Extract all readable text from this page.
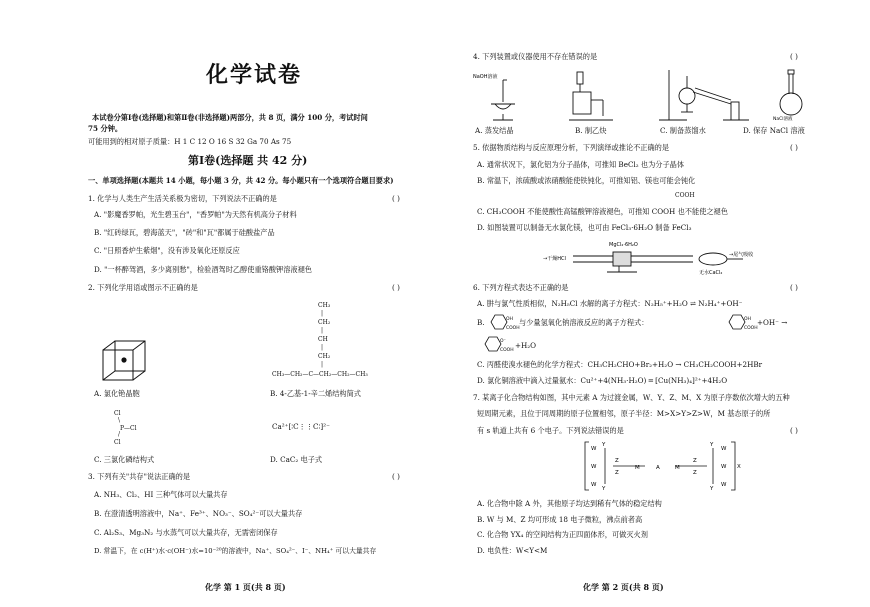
化学试卷
本试卷分第Ⅰ卷(选择题)和第Ⅱ卷(非选择题)两部分，共 8 页，满分 100 分，考试时间
75 分钟。
可能用到的相对原子质量：H 1 C 12 O 16 S 32 Ga 70 As 75
第Ⅰ卷(选择题 共 42 分)
一、单项选择题(本题共 14 小题，每小题 3 分，共 42 分。每小题只有一个选项符合题目要求)
1. 化学与人类生产生活关系极为密切，下列说法不正确的是	( )
A. "影魔香罗帕，光生碧玉台"，"香罗帕"为天然有机高分子材料
B. "红砖绿瓦，碧海蓝天"，"砖"和"瓦"都属于硅酸盐产品
C. "日照香炉生紫烟"，没有涉及氧化还原反应
D. "一杯醉驾酒，多少离别愁"，检验酒驾时乙醇使重铬酸钾溶液褪色
2. 下列化学用语或图示不正确的是	( )
CH₃
|
CH₂
|
CH
|
CH₂
|
CH₃—CH₂—C—CH₂—CH₂—CH₃
A. 氯化铯晶胞	B. 4-乙基-1-辛二烯结构简式
Cl
\
P—Cl
/
Cl
Ca²⁺[∶C⋮⋮C∶]²⁻
C. 三氯化磷结构式	D. CaC₂ 电子式
3. 下列有关"共存"说法正确的是	( )
A. NH₃、Cl₂、HI 三种气体可以大量共存
B. 在澄清透明溶液中，Na⁺、Fe³⁺、NO₃⁻、SO₄²⁻可以大量共存
C. Al₂S₃、Mg₃N₂ 与水蒸气可以大量共存，无需密闭保存
D. 常温下，在 c(H⁺)水·c(OH⁻)水=10⁻²⁰的溶液中，Na⁺、SO₄²⁻、I⁻、NH₄⁺ 可以大量共存
化学 第 1 页(共 8 页)
4. 下列装置或仪器使用不存在错误的是	( )
NaOH溶液
NaCl溶液
A. 蒸发结晶	B. 制乙炔	C. 制备蒸馏水	D. 保存 NaCl 溶液
5. 依据物质结构与反应原理分析，下列演绎或推论不正确的是	( )
A. 通常状况下，氯化铝为分子晶体，可推知 BeCl₂ 也为分子晶体
B. 常温下，浓硫酸或浓硝酸能使铁钝化，可推知铝、镁也可能会钝化
COOH
C. CH₃COOH 不能使酸性高锰酸钾溶液褪色，可推知 COOH 也不能使之褪色
D. 如图装置可以制备无水氯化镁，也可由 FeCl₃·6H₂O 制备 FeCl₃
MgCl₂·6H₂O
→干燥HCl
→尾气吸收
无水CaCl₂
6. 下列方程式表达不正确的是	( )
A. 肼与氯气性质相似，N₂H₅Cl 水解的离子方程式：N₂H₅⁺+H₂O ⇌ N₂H₄⁺+OH⁻
B.	OH
COOH
与少量氢氧化钠溶液反应的离子方程式：	OH
COOH
+OH⁻ →
O⁻
COOH
+H₂O
C. 丙醛使溴水褪色的化学方程式：CH₃CH₂CHO+Br₂+H₂O → CH₃CH₂COOH+2HBr
D. 氯化铜溶液中滴入过量氨水：Cu²⁺+4(NH₃·H₂O) ═ [Cu(NH₃)₄]²⁺+4H₂O
7. 某离子化合物结构如图，其中元素 A 为过渡金属，W、Y、Z、M、X 为原子序数依次增大的五种
短周期元素，且位于同周期的原子位置相邻，原子半径：M>X>Y>Z>W，M 基态原子的所
有 s 轨道上共有 6 个电子。下列说法错误的是	( )
W
W
W
Y
Y
Z
Z
M	A	M
Z
Z
Y
Y
W
W
W
X
A. 化合物中除 A 外，其他原子均达到稀有气体的稳定结构
B. W 与 M、Z 均可形成 18 电子微粒，沸点前者高
C. 化合物 YX₄ 的空间结构为正四面体形，可做灭火剂
D. 电负性：W<Y<M
化学 第 2 页(共 8 页)
